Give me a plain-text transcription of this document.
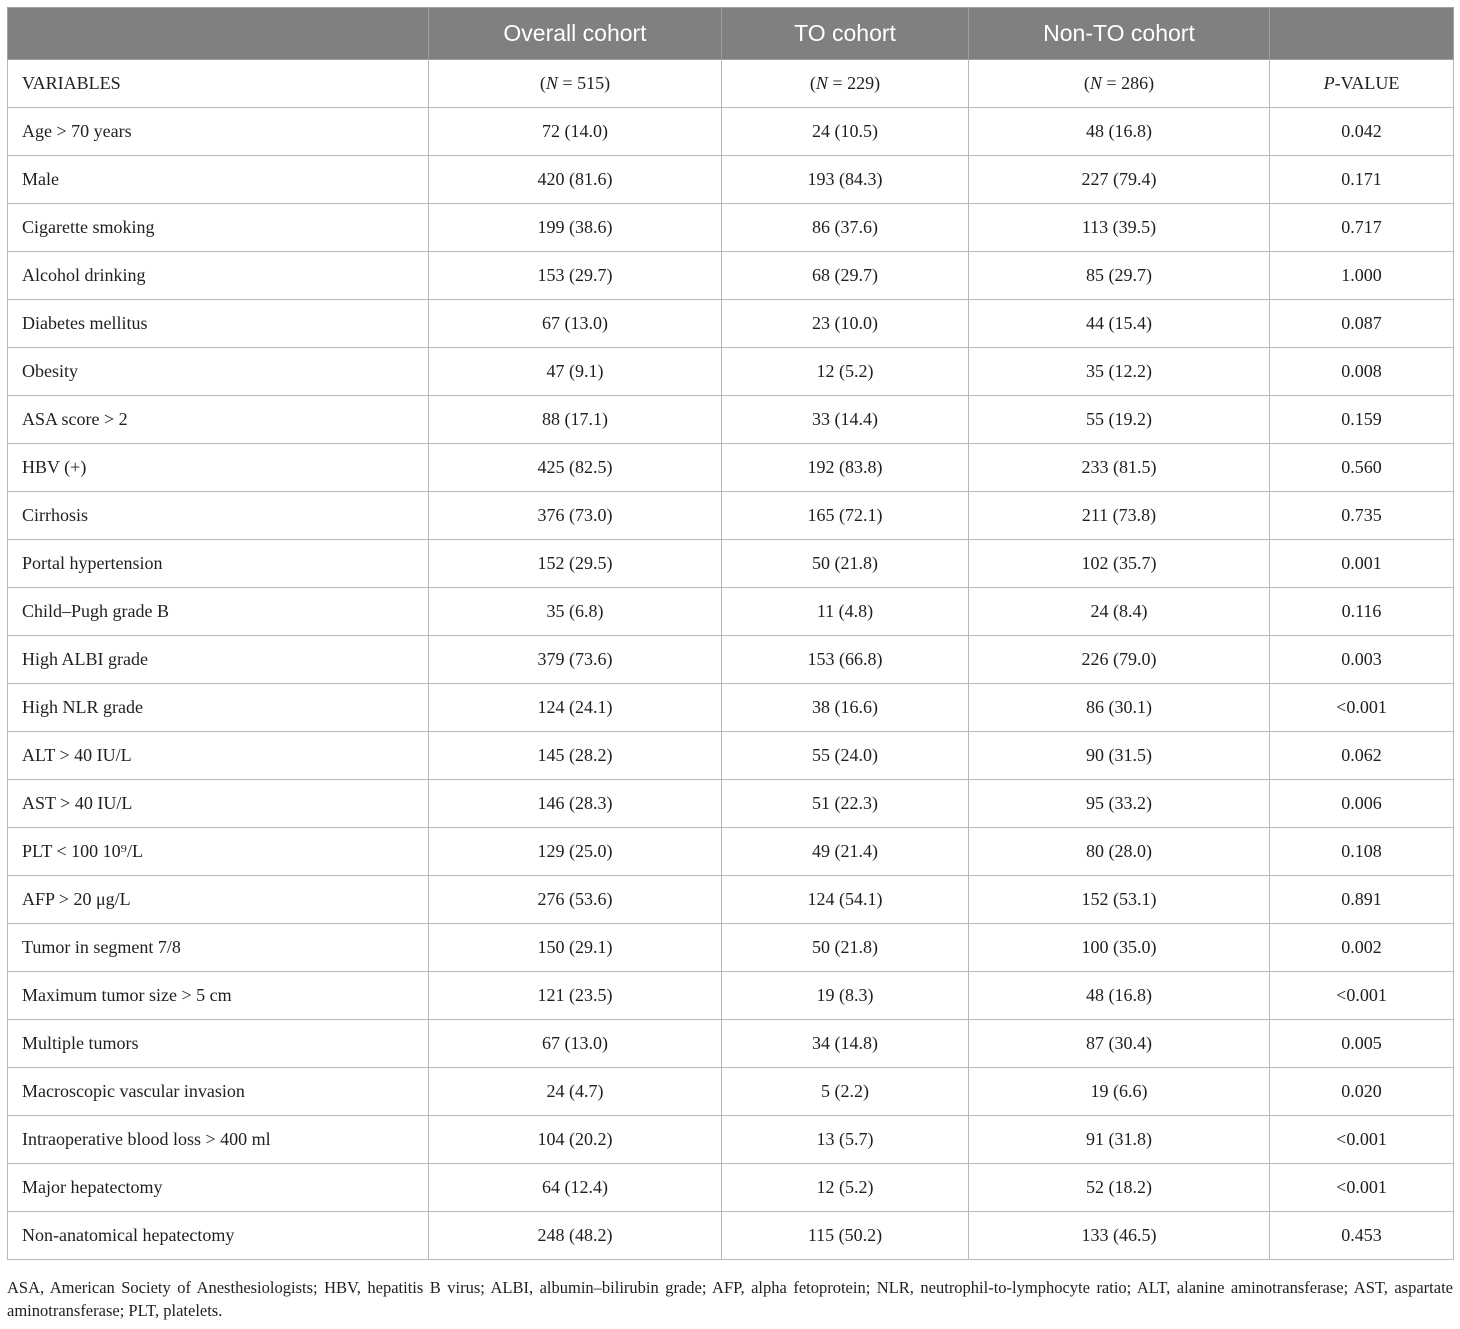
	Overall cohort	TO cohort	Non-TO cohort	
VARIABLES	(N = 515)	(N = 229)	(N = 286)	P-VALUE
Age > 70 years	72 (14.0)	24 (10.5)	48 (16.8)	0.042
Male	420 (81.6)	193 (84.3)	227 (79.4)	0.171
Cigarette smoking	199 (38.6)	86 (37.6)	113 (39.5)	0.717
Alcohol drinking	153 (29.7)	68 (29.7)	85 (29.7)	1.000
Diabetes mellitus	67 (13.0)	23 (10.0)	44 (15.4)	0.087
Obesity	47 (9.1)	12 (5.2)	35 (12.2)	0.008
ASA score > 2	88 (17.1)	33 (14.4)	55 (19.2)	0.159
HBV (+)	425 (82.5)	192 (83.8)	233 (81.5)	0.560
Cirrhosis	376 (73.0)	165 (72.1)	211 (73.8)	0.735
Portal hypertension	152 (29.5)	50 (21.8)	102 (35.7)	0.001
Child–Pugh grade B	35 (6.8)	11 (4.8)	24 (8.4)	0.116
High ALBI grade	379 (73.6)	153 (66.8)	226 (79.0)	0.003
High NLR grade	124 (24.1)	38 (16.6)	86 (30.1)	<0.001
ALT > 40 IU/L	145 (28.2)	55 (24.0)	90 (31.5)	0.062
AST > 40 IU/L	146 (28.3)	51 (22.3)	95 (33.2)	0.006
PLT < 100 10⁹/L	129 (25.0)	49 (21.4)	80 (28.0)	0.108
AFP > 20 μg/L	276 (53.6)	124 (54.1)	152 (53.1)	0.891
Tumor in segment 7/8	150 (29.1)	50 (21.8)	100 (35.0)	0.002
Maximum tumor size > 5 cm	121 (23.5)	19 (8.3)	48 (16.8)	<0.001
Multiple tumors	67 (13.0)	34 (14.8)	87 (30.4)	0.005
Macroscopic vascular invasion	24 (4.7)	5 (2.2)	19 (6.6)	0.020
Intraoperative blood loss > 400 ml	104 (20.2)	13 (5.7)	91 (31.8)	<0.001
Major hepatectomy	64 (12.4)	12 (5.2)	52 (18.2)	<0.001
Non-anatomical hepatectomy	248 (48.2)	115 (50.2)	133 (46.5)	0.453
ASA, American Society of Anesthesiologists; HBV, hepatitis B virus; ALBI, albumin–bilirubin grade; AFP, alpha fetoprotein; NLR, neutrophil-to-lymphocyte ratio; ALT, alanine aminotransferase; AST, aspartate aminotransferase; PLT, platelets.
